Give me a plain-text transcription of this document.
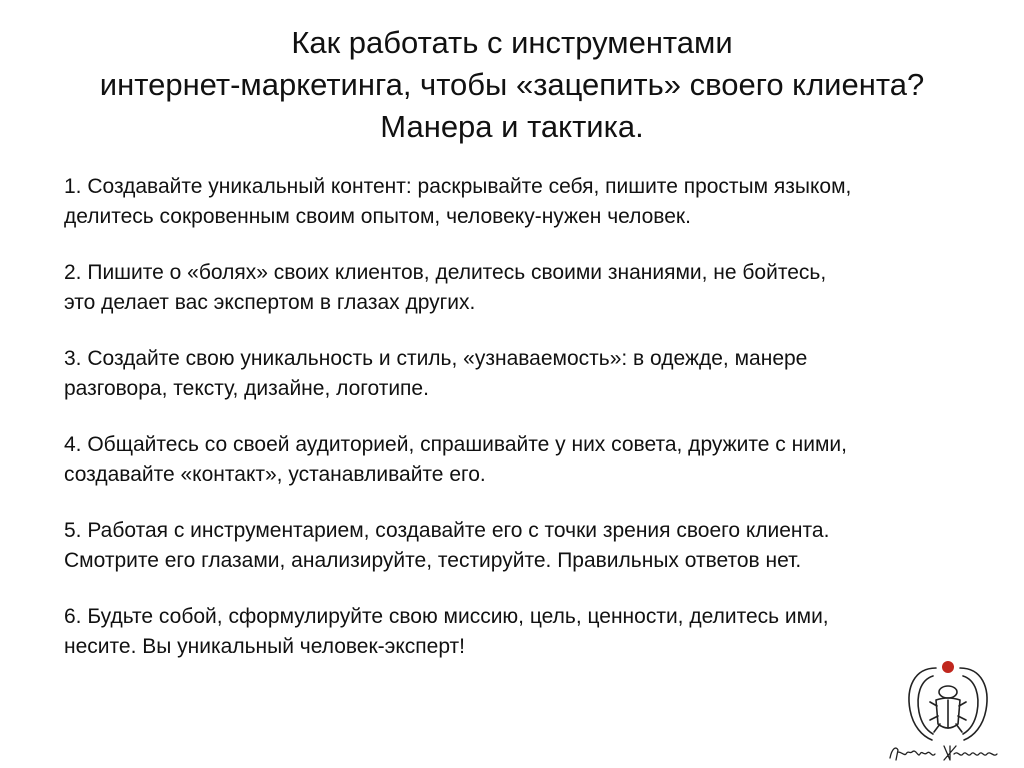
Как работать с инструментами
интернет-маркетинга, чтобы «зацепить» своего клиента?
Манера и тактика.
1. Создавайте уникальный контент: раскрывайте себя, пишите простым языком,
делитесь сокровенным своим опытом, человеку-нужен человек.
2. Пишите о «болях» своих клиентов, делитесь своими знаниями, не бойтесь,
это делает вас экспертом в глазах других.
3. Создайте свою уникальность и стиль, «узнаваемость»: в одежде, манере
разговора, тексту, дизайне, логотипе.
4. Общайтесь со своей аудиторией, спрашивайте у них совета, дружите с ними,
создавайте «контакт», устанавливайте его.
5. Работая с инструментарием, создавайте его с точки зрения своего клиента.
Смотрите его глазами, анализируйте, тестируйте. Правильных ответов нет.
6. Будьте собой, сформулируйте свою миссию, цель, ценности, делитесь ими,
несите. Вы уникальный человек-эксперт!
